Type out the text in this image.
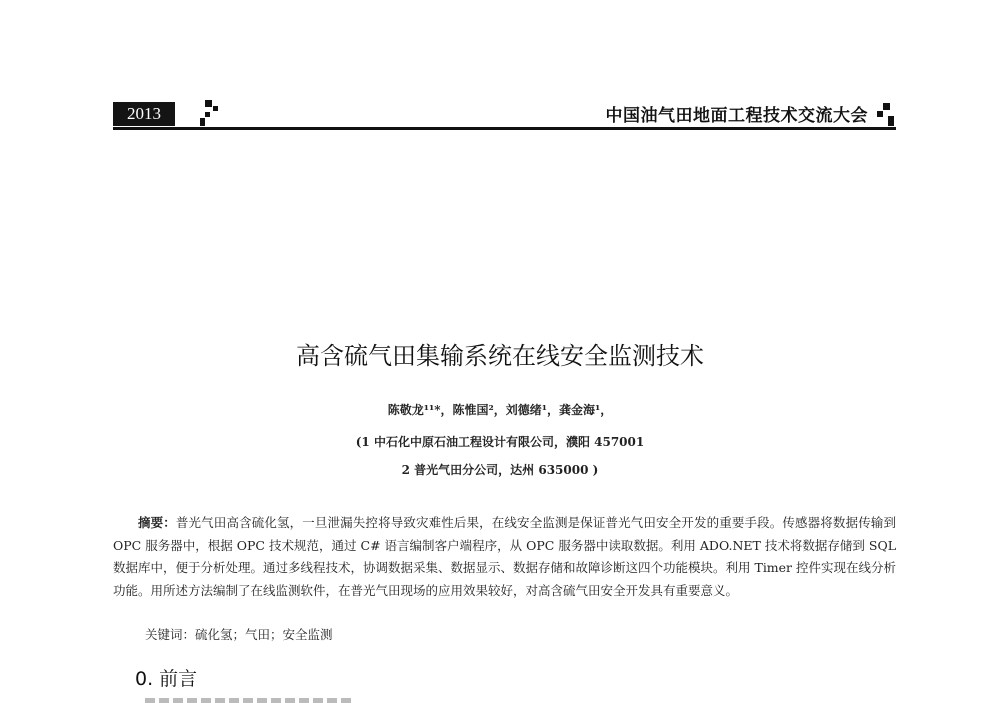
2013	中国油气田地面工程技术交流大会
高含硫气田集输系统在线安全监测技术
陈敬龙¹¹*，陈惟国²，刘德绪¹，龚金海¹，
(1 中石化中原石油工程设计有限公司，濮阳 457001
2 普光气田分公司，达州 635000 )
摘要：普光气田高含硫化氢，一旦泄漏失控将导致灾难性后果，在线安全监测是保证普光气田安全开发的重要手段。传感器将数据传输到 OPC 服务器中，根据 OPC 技术规范，通过 C# 语言编制客户端程序，从 OPC 服务器中读取数据。利用 ADO.NET 技术将数据存储到 SQL 数据库中，便于分析处理。通过多线程技术，协调数据采集、数据显示、数据存储和故障诊断这四个功能模块。利用 Timer 控件实现在线分析功能。用所述方法编制了在线监测软件，在普光气田现场的应用效果较好，对高含硫气田安全开发具有重要意义。
关键词：硫化氢；气田；安全监测
0. 前言
